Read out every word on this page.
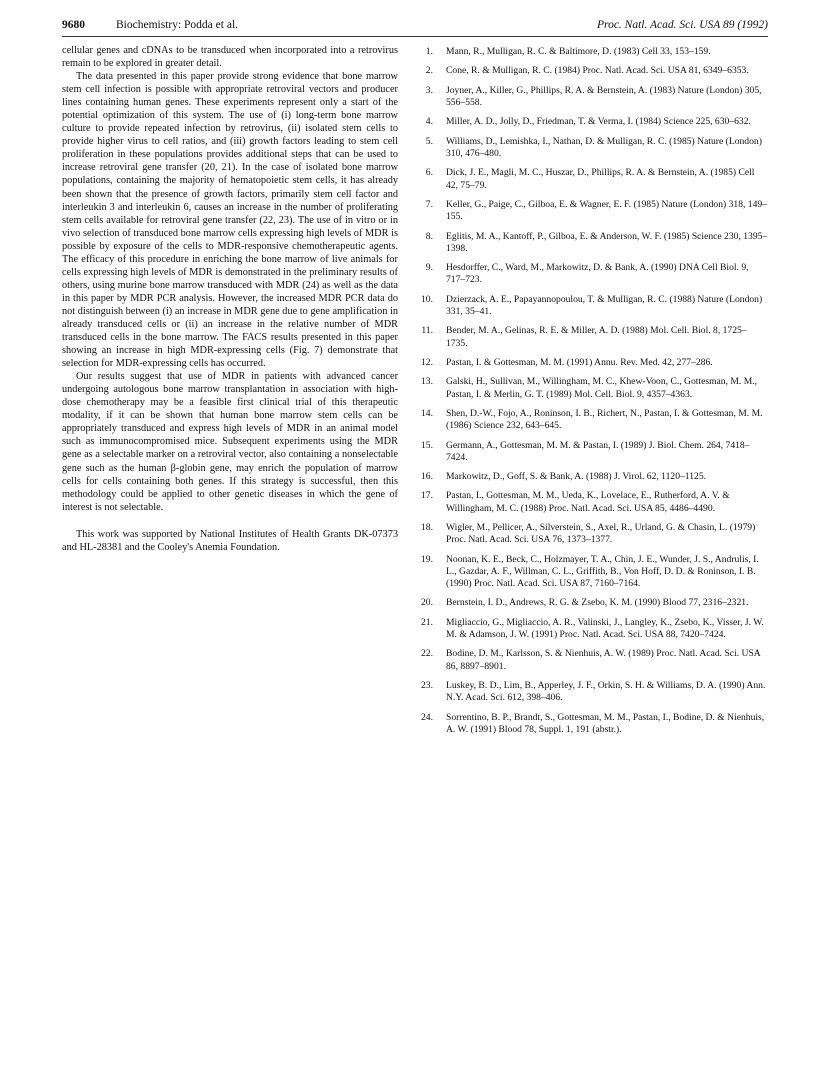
9680	Biochemistry: Podda et al.	Proc. Natl. Acad. Sci. USA 89 (1992)

cellular genes and cDNAs to be transduced when incorporated into a retrovirus remain to be explored in greater detail.

The data presented in this paper provide strong evidence that bone marrow stem cell infection is possible with appropriate retroviral vectors and producer lines containing human genes. These experiments represent only a start of the potential optimization of this system. The use of (i) long-term bone marrow culture to provide repeated infection by retrovirus, (ii) isolated stem cells to provide higher virus to cell ratios, and (iii) growth factors leading to stem cell proliferation in these populations provides additional steps that can be used to increase retroviral gene transfer (20, 21). In the case of isolated bone marrow populations, containing the majority of hematopoietic stem cells, it has already been shown that the presence of growth factors, primarily stem cell factor and interleukin 3 and interleukin 6, causes an increase in the number of proliferating stem cells available for retroviral gene transfer (22, 23). The use of in vitro or in vivo selection of transduced bone marrow cells expressing high levels of MDR is possible by exposure of the cells to MDR-responsive chemotherapeutic agents. The efficacy of this procedure in enriching the bone marrow of live animals for cells expressing high levels of MDR is demonstrated in the preliminary results of others, using murine bone marrow transduced with MDR (24) as well as the data in this paper by MDR PCR analysis. However, the increased MDR PCR data do not distinguish between (i) an increase in MDR gene due to gene amplification in already transduced cells or (ii) an increase in the relative number of MDR transduced cells in the bone marrow. The FACS results presented in this paper showing an increase in high MDR-expressing cells (Fig. 7) demonstrate that selection for MDR-expressing cells has occurred.

Our results suggest that use of MDR in patients with advanced cancer undergoing autologous bone marrow transplantation in association with high-dose chemotherapy may be a feasible first clinical trial of this therapeutic modality, if it can be shown that human bone marrow stem cells can be appropriately transduced and express high levels of MDR in an animal model such as immunocompromised mice. Subsequent experiments using the MDR gene as a selectable marker on a retroviral vector, also containing a nonselectable gene such as the human β-globin gene, may enrich the population of marrow cells for cells containing both genes. If this strategy is successful, then this methodology could be applied to other genetic diseases in which the gene of interest is not selectable.

This work was supported by National Institutes of Health Grants DK-07373 and HL-28381 and the Cooley's Anemia Foundation.

1. Mann, R., Mulligan, R. C. & Baltimore, D. (1983) Cell 33, 153–159.
2. Cone, R. & Mulligan, R. C. (1984) Proc. Natl. Acad. Sci. USA 81, 6349–6353.
3. Joyner, A., Killer, G., Phillips, R. A. & Bernstein, A. (1983) Nature (London) 305, 556–558.
4. Miller, A. D., Jolly, D., Friedman, T. & Verma, I. (1984) Science 225, 630–632.
5. Williams, D., Lemishka, I., Nathan, D. & Mulligan, R. C. (1985) Nature (London) 310, 476–480.
6. Dick, J. E., Magli, M. C., Huszar, D., Phillips, R. A. & Bernstein, A. (1985) Cell 42, 75–79.
7. Keller, G., Paige, C., Gilboa, E. & Wagner, E. F. (1985) Nature (London) 318, 149–155.
8. Eglitis, M. A., Kantoff, P., Gilboa, E. & Anderson, W. F. (1985) Science 230, 1395–1398.
9. Hesdorffer, C., Ward, M., Markowitz, D. & Bank, A. (1990) DNA Cell Biol. 9, 717–723.
10. Dzierzack, A. E., Papayannopoulou, T. & Mulligan, R. C. (1988) Nature (London) 331, 35–41.
11. Bender, M. A., Gelinas, R. E. & Miller, A. D. (1988) Mol. Cell. Biol. 8, 1725–1735.
12. Pastan, I. & Gottesman, M. M. (1991) Annu. Rev. Med. 42, 277–286.
13. Galski, H., Sullivan, M., Willingham, M. C., Khew-Voon, C., Gottesman, M. M., Pastan, I. & Merlin, G. T. (1989) Mol. Cell. Biol. 9, 4357–4363.
14. Shen, D.-W., Fojo, A., Roninson, I. B., Richert, N., Pastan, I. & Gottesman, M. M. (1986) Science 232, 643–645.
15. Germann, A., Gottesman, M. M. & Pastan, I. (1989) J. Biol. Chem. 264, 7418–7424.
16. Markowitz, D., Goff, S. & Bank, A. (1988) J. Virol. 62, 1120–1125.
17. Pastan, I., Gottesman, M. M., Ueda, K., Lovelace, E., Rutherford, A. V. & Willingham, M. C. (1988) Proc. Natl. Acad. Sci. USA 85, 4486–4490.
18. Wigler, M., Pellicer, A., Silverstein, S., Axel, R., Urland, G. & Chasin, L. (1979) Proc. Natl. Acad. Sci. USA 76, 1373–1377.
19. Noonan, K. E., Beck, C., Holzmayer, T. A., Chin, J. E., Wunder, J. S., Andrulis, I. L., Gazdar, A. F., Willman, C. L., Griffith, B., Von Hoff, D. D. & Roninson, I. B. (1990) Proc. Natl. Acad. Sci. USA 87, 7160–7164.
20. Bernstein, I. D., Andrews, R. G. & Zsebo, K. M. (1990) Blood 77, 2316–2321.
21. Migliaccio, G., Migliaccio, A. R., Valinski, J., Langley, K., Zsebo, K., Visser, J. W. M. & Adamson, J. W. (1991) Proc. Natl. Acad. Sci. USA 88, 7420–7424.
22. Bodine, D. M., Karlsson, S. & Nienhuis, A. W. (1989) Proc. Natl. Acad. Sci. USA 86, 8897–8901.
23. Luskey, B. D., Lim, B., Apperley, J. F., Orkin, S. H. & Williams, D. A. (1990) Ann. N.Y. Acad. Sci. 612, 398–406.
24. Sorrentino, B. P., Brandt, S., Gottesman, M. M., Pastan, I., Bodine, D. & Nienhuis, A. W. (1991) Blood 78, Suppl. 1, 191 (abstr.).
